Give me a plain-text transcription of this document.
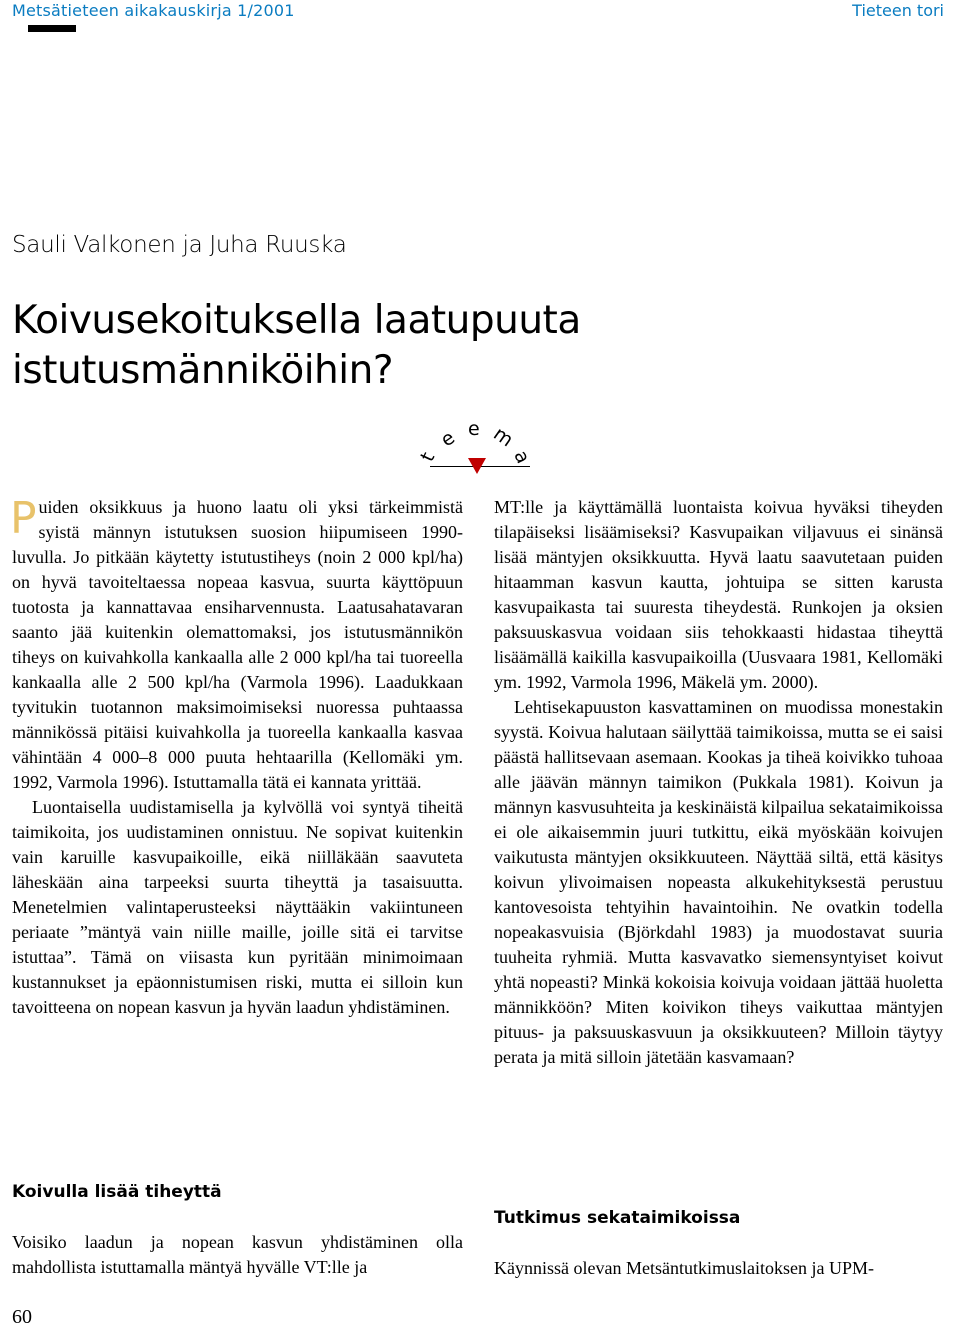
Metsätieteen aikakauskirja 1/2001	Tieteen tori
Sauli Valkonen ja Juha Ruuska
Koivusekoituksella laatupuuta istutusmänniköihin?
t
e e m
a

Puiden oksikkuus ja huono laatu oli yksi tärkeimmistä syistä männyn istutuksen suosion hiipumiseen 1990-luvulla. Jo pitkään käytetty istutustiheys (noin 2 000 kpl/ha) on hyvä tavoiteltaessa nopeaa kasvua, suurta käyttöpuun tuotosta ja kannattavaa ensiharvennusta. Laatusahatavaran saanto jää kuitenkin olemattomaksi, jos istutusmännikön tiheys on kuivahkolla kankaalla alle 2 000 kpl/ha tai tuoreella kankaalla alle 2 500 kpl/ha (Varmola 1996). Laadukkaan tyvitukin tuotannon maksimoimiseksi nuoressa puhtaassa männikössä pitäisi kuivahkolla ja tuoreella kankaalla kasvaa vähintään 4 000–8 000 puuta hehtaarilla (Kellomäki ym. 1992, Varmola 1996). Istuttamalla tätä ei kannata yrittää.

Luontaisella uudistamisella ja kylvöllä voi syntyä tiheitä taimikoita, jos uudistaminen onnistuu. Ne sopivat kuitenkin vain karuille kasvupaikoille, eikä niilläkään saavuteta läheskään aina tarpeeksi suurta tiheyttä ja tasaisuutta. Menetelmien valintaperusteeksi näyttääkin vakiintuneen periaate ”mäntyä vain niille maille, joille sitä ei tarvitse istuttaa”. Tämä on viisasta kun pyritään minimoimaan kustannukset ja epäonnistumisen riski, mutta ei silloin kun tavoitteena on nopean kasvun ja hyvän laadun yhdistäminen.

Koivulla lisää tiheyttä

Voisiko laadun ja nopean kasvun yhdistäminen olla mahdollista istuttamalla mäntyä hyvälle VT:lle ja

MT:lle ja käyttämällä luontaista koivua hyväksi tiheyden tilapäiseksi lisäämiseksi? Kasvupaikan viljavuus ei sinänsä lisää mäntyjen oksikkuutta. Hyvä laatu saavutetaan puiden hitaamman kasvun kautta, johtuipa se sitten karusta kasvupaikasta tai suuresta tiheydestä. Runkojen ja oksien paksuuskasvua voidaan siis tehokkaasti hidastaa tiheyttä lisäämällä kaikilla kasvupaikoilla (Uusvaara 1981, Kellomäki ym. 1992, Varmola 1996, Mäkelä ym. 2000).

Lehtisekapuuston kasvattaminen on muodissa monestakin syystä. Koivua halutaan säilyttää taimikoissa, mutta se ei saisi päästä hallitsevaan asemaan. Kookas ja tiheä koivikko tuhoaa alle jäävän männyn taimikon (Pukkala 1981). Koivun ja männyn kasvusuhteita ja keskinäistä kilpailua sekataimikoissa ei ole aikaisemmin juuri tutkittu, eikä myöskään koivujen vaikutusta mäntyjen oksikkuuteen. Näyttää siltä, että käsitys koivun ylivoimaisen nopeasta alkukehityksestä perustuu kantovesoista tehtyihin havaintoihin. Ne ovatkin todella nopeakasvuisia (Björkdahl 1983) ja muodostavat suuria tuuheita ryhmiä. Mutta kasvavatko siemensyntyiset koivut yhtä nopeasti? Minkä kokoisia koivuja voidaan jättää huoletta männikköön? Miten koivikon tiheys vaikuttaa mäntyjen pituus- ja paksuuskasvuun ja oksikkuuteen? Milloin täytyy perata ja mitä silloin jätetään kasvamaan?

Tutkimus sekataimikoissa

Käynnissä olevan Metsäntutkimuslaitoksen ja UPM-

60
